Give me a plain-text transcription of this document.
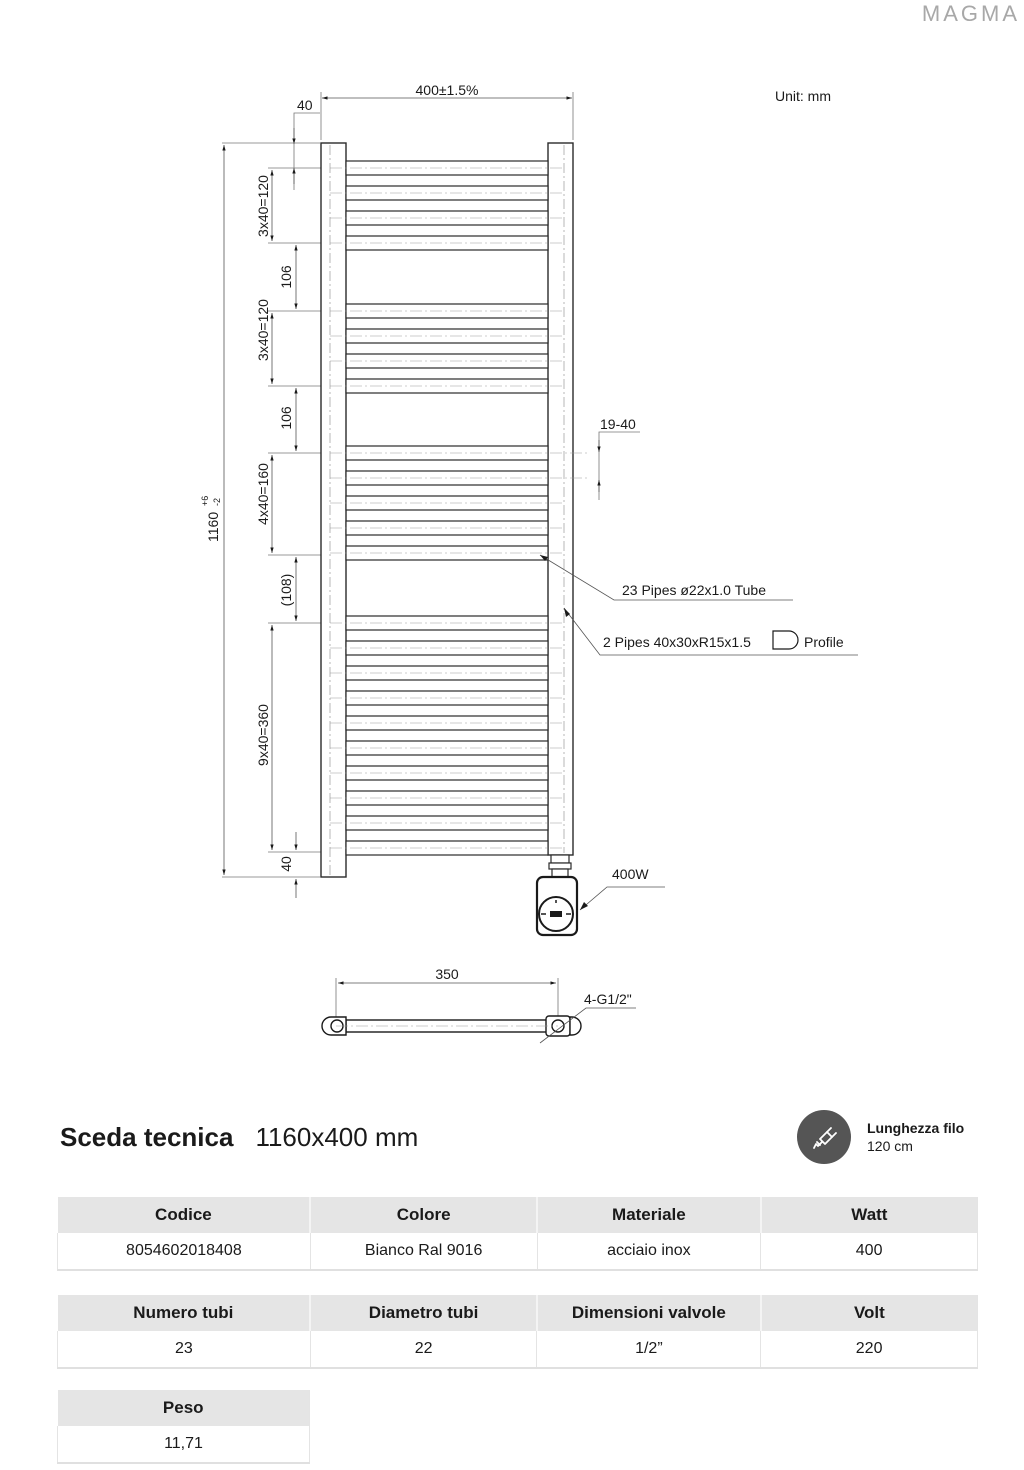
MAGMA
Unit: mm
400±1.5%
40
1160
+6 -2
3x40=120
106
3x40=120
106
4x40=160
(108)
9x40=360
40
19-40
23 Pipes ø22x1.0 Tube
2 Pipes 40x30xR15x1.5	Profile
400W
350
4-G1/2"
Sceda tecnica 1160x400 mm	Lunghezza filo
120 cm
Codice	Colore	Materiale	Watt
8054602018408	Bianco Ral 9016	acciaio inox	400
Numero tubi	Diametro tubi	Dimensioni valvole	Volt
23	22	1/2”	220
Peso
11,71
